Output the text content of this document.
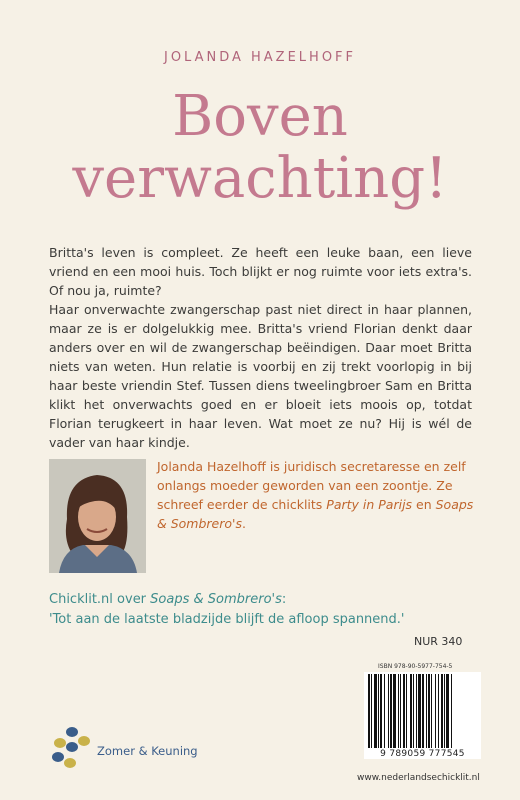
JOLANDA HAZELHOFF
Boven
verwachting!
Britta's leven is compleet. Ze heeft een leuke baan, een lieve vriend en een mooi huis. Toch blijkt er nog ruimte voor iets extra's. Of nou ja, ruimte?
Haar onverwachte zwangerschap past niet direct in haar plannen, maar ze is er dolgelukkig mee. Britta's vriend Florian denkt daar anders over en wil de zwangerschap beëindigen. Daar moet Britta niets van weten. Hun relatie is voorbij en zij trekt voorlopig in bij haar beste vriendin Stef. Tussen diens tweelingbroer Sam en Britta klikt het onverwachts goed en er bloeit iets moois op, totdat Florian terugkeert in haar leven. Wat moet ze nu? Hij is wél de vader van haar kindje.
Jolanda Hazelhoff is juridisch secretaresse en zelf onlangs moeder geworden van een zoontje. Ze schreef eerder de chicklits Party in Parijs en Soaps & Sombrero's.
Chicklit.nl over Soaps & Sombrero's:
'Tot aan de laatste bladzijde blijft de afloop spannend.'
NUR 340
ISBN 978-90-5977-754-5
9 789059 777545
Zomer & Keuning
www.nederlandsechicklit.nl
